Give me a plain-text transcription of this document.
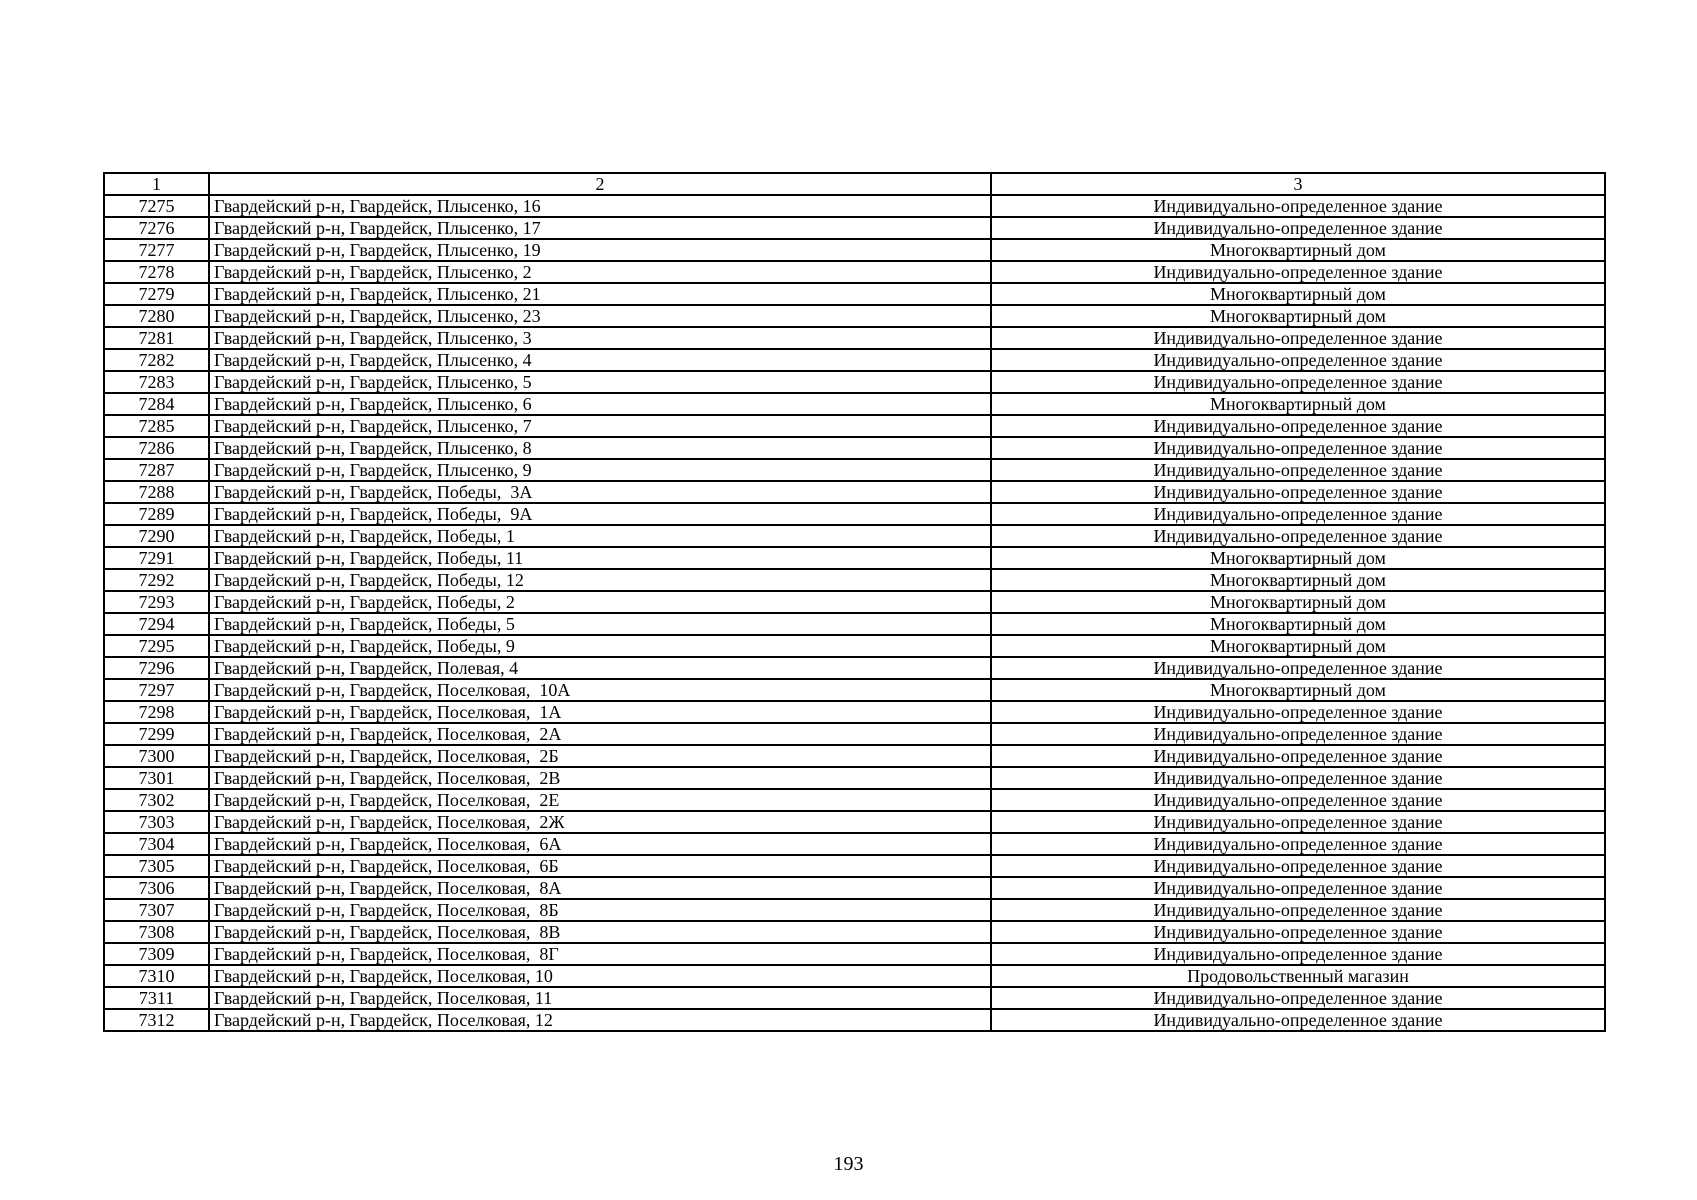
1	2	3
7275	Гвардейский р-н, Гвардейск, Плысенко, 16	Индивидуально-определенное здание
7276	Гвардейский р-н, Гвардейск, Плысенко, 17	Индивидуально-определенное здание
7277	Гвардейский р-н, Гвардейск, Плысенко, 19	Многоквартирный дом
7278	Гвардейский р-н, Гвардейск, Плысенко, 2	Индивидуально-определенное здание
7279	Гвардейский р-н, Гвардейск, Плысенко, 21	Многоквартирный дом
7280	Гвардейский р-н, Гвардейск, Плысенко, 23	Многоквартирный дом
7281	Гвардейский р-н, Гвардейск, Плысенко, 3	Индивидуально-определенное здание
7282	Гвардейский р-н, Гвардейск, Плысенко, 4	Индивидуально-определенное здание
7283	Гвардейский р-н, Гвардейск, Плысенко, 5	Индивидуально-определенное здание
7284	Гвардейский р-н, Гвардейск, Плысенко, 6	Многоквартирный дом
7285	Гвардейский р-н, Гвардейск, Плысенко, 7	Индивидуально-определенное здание
7286	Гвардейский р-н, Гвардейск, Плысенко, 8	Индивидуально-определенное здание
7287	Гвардейский р-н, Гвардейск, Плысенко, 9	Индивидуально-определенное здание
7288	Гвардейский р-н, Гвардейск, Победы,  3А	Индивидуально-определенное здание
7289	Гвардейский р-н, Гвардейск, Победы,  9А	Индивидуально-определенное здание
7290	Гвардейский р-н, Гвардейск, Победы, 1	Индивидуально-определенное здание
7291	Гвардейский р-н, Гвардейск, Победы, 11	Многоквартирный дом
7292	Гвардейский р-н, Гвардейск, Победы, 12	Многоквартирный дом
7293	Гвардейский р-н, Гвардейск, Победы, 2	Многоквартирный дом
7294	Гвардейский р-н, Гвардейск, Победы, 5	Многоквартирный дом
7295	Гвардейский р-н, Гвардейск, Победы, 9	Многоквартирный дом
7296	Гвардейский р-н, Гвардейск, Полевая, 4	Индивидуально-определенное здание
7297	Гвардейский р-н, Гвардейск, Поселковая,  10А	Многоквартирный дом
7298	Гвардейский р-н, Гвардейск, Поселковая,  1А	Индивидуально-определенное здание
7299	Гвардейский р-н, Гвардейск, Поселковая,  2А	Индивидуально-определенное здание
7300	Гвардейский р-н, Гвардейск, Поселковая,  2Б	Индивидуально-определенное здание
7301	Гвардейский р-н, Гвардейск, Поселковая,  2В	Индивидуально-определенное здание
7302	Гвардейский р-н, Гвардейск, Поселковая,  2Е	Индивидуально-определенное здание
7303	Гвардейский р-н, Гвардейск, Поселковая,  2Ж	Индивидуально-определенное здание
7304	Гвардейский р-н, Гвардейск, Поселковая,  6А	Индивидуально-определенное здание
7305	Гвардейский р-н, Гвардейск, Поселковая,  6Б	Индивидуально-определенное здание
7306	Гвардейский р-н, Гвардейск, Поселковая,  8А	Индивидуально-определенное здание
7307	Гвардейский р-н, Гвардейск, Поселковая,  8Б	Индивидуально-определенное здание
7308	Гвардейский р-н, Гвардейск, Поселковая,  8В	Индивидуально-определенное здание
7309	Гвардейский р-н, Гвардейск, Поселковая,  8Г	Индивидуально-определенное здание
7310	Гвардейский р-н, Гвардейск, Поселковая, 10	Продовольственный магазин
7311	Гвардейский р-н, Гвардейск, Поселковая, 11	Индивидуально-определенное здание
7312	Гвардейский р-н, Гвардейск, Поселковая, 12	Индивидуально-определенное здание
193
